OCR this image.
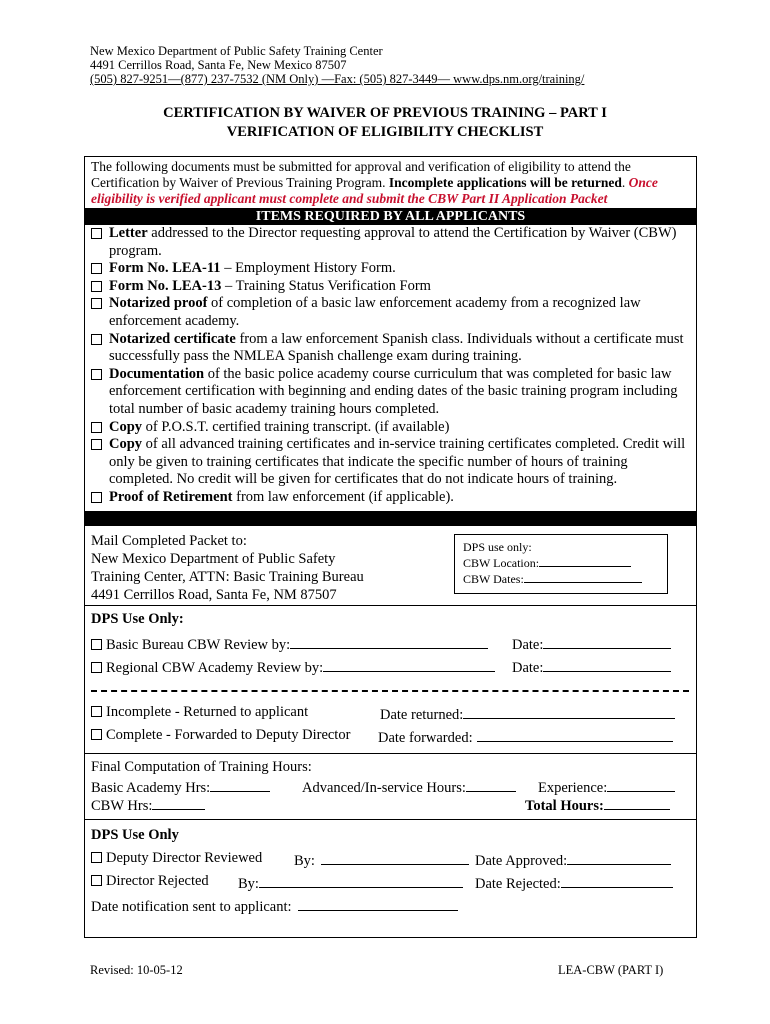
New Mexico Department of Public Safety Training Center
4491 Cerrillos Road, Santa Fe, New Mexico 87507
(505) 827-9251—(877) 237-7532 (NM Only) —Fax: (505) 827-3449— www.dps.nm.org/training/
CERTIFICATION BY WAIVER OF PREVIOUS TRAINING – PART I
VERIFICATION OF ELIGIBILITY CHECKLIST
The following documents must be submitted for approval and verification of eligibility to attend the Certification by Waiver of Previous Training Program. Incomplete applications will be returned. Once eligibility is verified applicant must complete and submit the CBW Part II Application Packet
ITEMS REQUIRED BY ALL APPLICANTS
Letter addressed to the Director requesting approval to attend the Certification by Waiver (CBW) program.
Form No. LEA-11 – Employment History Form.
Form No. LEA-13 – Training Status Verification Form
Notarized proof of completion of a basic law enforcement academy from a recognized law enforcement academy.
Notarized certificate from a law enforcement Spanish class. Individuals without a certificate must successfully pass the NMLEA Spanish challenge exam during training.
Documentation of the basic police academy course curriculum that was completed for basic law enforcement certification with beginning and ending dates of the basic training program including total number of basic academy training hours completed.
Copy of P.O.S.T. certified training transcript. (if available)
Copy of all advanced training certificates and in-service training certificates completed. Credit will only be given to training certificates that indicate the specific number of hours of training completed. No credit will be given for certificates that do not indicate hours of training.
Proof of Retirement from law enforcement (if applicable).
Mail Completed Packet to:
New Mexico Department of Public Safety
Training Center, ATTN: Basic Training Bureau
4491 Cerrillos Road, Santa Fe, NM 87507
DPS use only:
CBW Location:
CBW Dates:
DPS Use Only:
Basic Bureau CBW Review by:	Date:
Regional CBW Academy Review by:	Date:
Incomplete - Returned to applicant	Date returned:
Complete - Forwarded to Deputy Director Date forwarded:
Final Computation of Training Hours:
Basic Academy Hrs:	Advanced/In-service Hours:	Experience:
CBW Hrs:	Total Hours:
DPS Use Only
Deputy Director Reviewed By:	Date Approved:
Director Rejected By:	Date Rejected:
Date notification sent to applicant:
Revised: 10-05-12	LEA-CBW (PART I)
